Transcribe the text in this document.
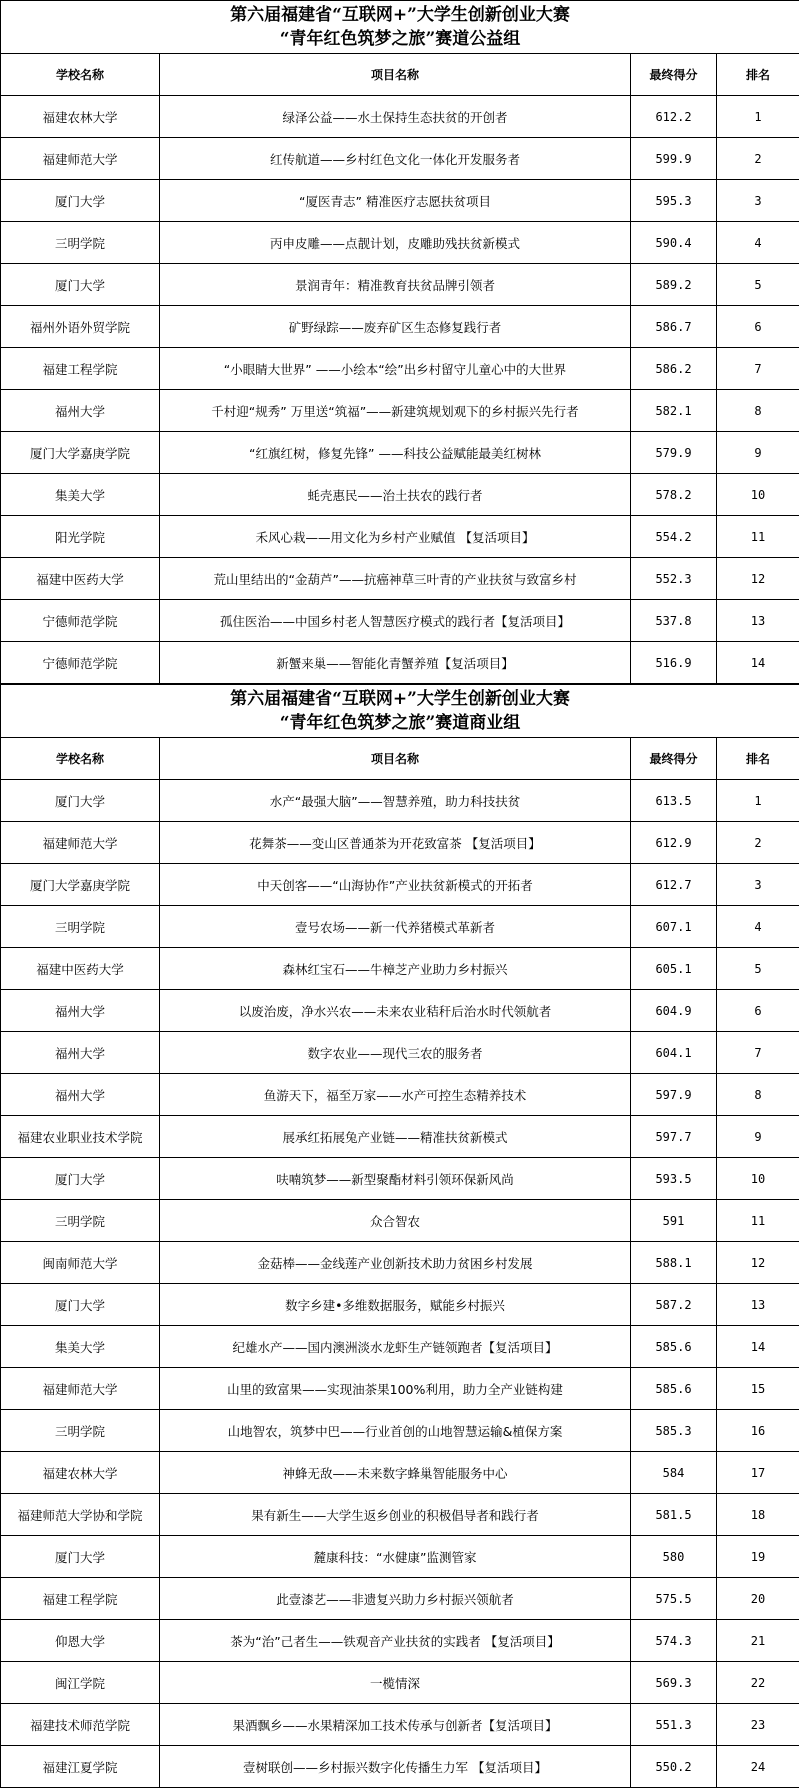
第六届福建省“互联网+”大学生创新创业大赛
“青年红色筑梦之旅”赛道公益组			

学校名称	项目名称	最终得分	排名
福建农林大学	绿泽公益——水土保持生态扶贫的开创者	612.2	1
福建师范大学	红传航道——乡村红色文化一体化开发服务者	599.9	2
厦门大学	“厦医青志” 精准医疗志愿扶贫项目	595.3	3
三明学院	丙申皮雕——点靓计划，皮雕助残扶贫新模式	590.4	4
厦门大学	景润青年：精准教育扶贫品牌引领者	589.2	5
福州外语外贸学院	矿野绿踪——废弃矿区生态修复践行者	586.7	6
福建工程学院	“小眼睛大世界” ——小绘本“绘”出乡村留守儿童心中的大世界	586.2	7
福州大学	千村迎“规秀” 万里送“筑福”——新建筑规划观下的乡村振兴先行者	582.1	8
厦门大学嘉庚学院	“红旗红树，修复先锋” ——科技公益赋能最美红树林	579.9	9
集美大学	蚝壳惠民——治土扶农的践行者	578.2	10
阳光学院	禾风心栽——用文化为乡村产业赋值 【复活项目】	554.2	11
福建中医药大学	荒山里结出的“金葫芦”——抗癌神草三叶青的产业扶贫与致富乡村	552.3	12
宁德师范学院	孤住医治——中国乡村老人智慧医疗模式的践行者【复活项目】	537.8	13
宁德师范学院	新蟹来巢——智能化青蟹养殖【复活项目】	516.9	14
第六届福建省“互联网+”大学生创新创业大赛
“青年红色筑梦之旅”赛道商业组			

学校名称	项目名称	最终得分	排名
厦门大学	水产“最强大脑”——智慧养殖，助力科技扶贫	613.5	1
福建师范大学	花舞茶——变山区普通茶为开花致富茶 【复活项目】	612.9	2
厦门大学嘉庚学院	中天创客——“山海协作”产业扶贫新模式的开拓者	612.7	3
三明学院	壹号农场——新一代养猪模式革新者	607.1	4
福建中医药大学	森林红宝石——牛樟芝产业助力乡村振兴	605.1	5
福州大学	以废治废，净水兴农——未来农业秸秆后治水时代领航者	604.9	6
福州大学	数字农业——现代三农的服务者	604.1	7
福州大学	鱼游天下，福至万家——水产可控生态精养技术	597.9	8
福建农业职业技术学院	展承红拓展兔产业链——精准扶贫新模式	597.7	9
厦门大学	呋喃筑梦——新型聚酯材料引领环保新风尚	593.5	10
三明学院	众合智农	591	11
闽南师范大学	金菇棒——金线莲产业创新技术助力贫困乡村发展	588.1	12
厦门大学	数字乡建•多维数据服务，赋能乡村振兴	587.2	13
集美大学	纪雄水产——国内澳洲淡水龙虾生产链领跑者【复活项目】	585.6	14
福建师范大学	山里的致富果——实现油茶果100%利用，助力全产业链构建	585.6	15
三明学院	山地智农，筑梦中巴——行业首创的山地智慧运输&植保方案	585.3	16
福建农林大学	神蜂无敌——未来数字蜂巢智能服务中心	584	17
福建师范大学协和学院	果有新生——大学生返乡创业的积极倡导者和践行者	581.5	18
厦门大学	麓康科技：“水健康”监测管家	580	19
福建工程学院	此壹漆艺——非遗复兴助力乡村振兴领航者	575.5	20
仰恩大学	茶为“治”己者生——铁观音产业扶贫的实践者 【复活项目】	574.3	21
闽江学院	一榄情深	569.3	22
福建技术师范学院	果酒飘乡——水果精深加工技术传承与创新者【复活项目】	551.3	23
福建江夏学院	壹树联创——乡村振兴数字化传播生力军 【复活项目】	550.2	24
